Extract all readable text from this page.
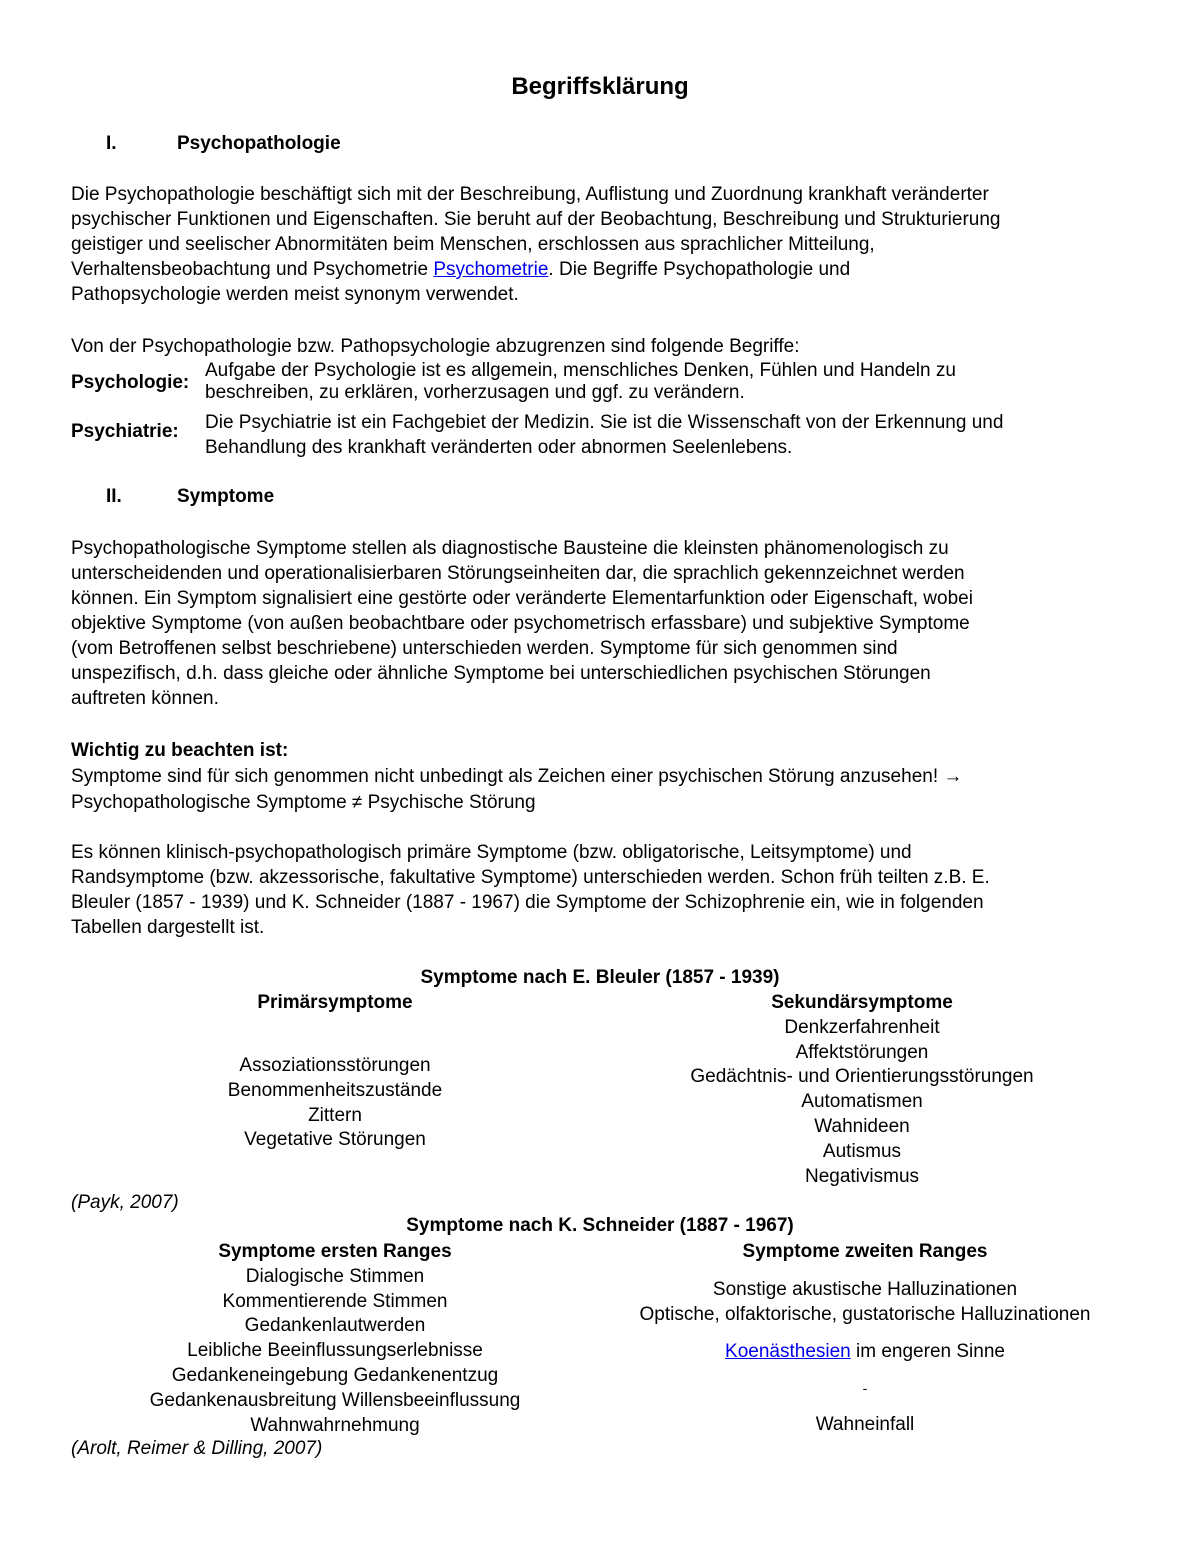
Begriffsklärung
I.	Psychopathologie
Die Psychopathologie beschäftigt sich mit der Beschreibung, Auflistung und Zuordnung krankhaft veränderter
psychischer Funktionen und Eigenschaften. Sie beruht auf der Beobachtung, Beschreibung und Strukturierung
geistiger und seelischer Abnormitäten beim Menschen, erschlossen aus sprachlicher Mitteilung,
Verhaltensbeobachtung und Psychometrie Psychometrie. Die Begriffe Psychopathologie und
Pathopsychologie werden meist synonym verwendet.
Von der Psychopathologie bzw. Pathopsychologie abzugrenzen sind folgende Begriffe:
Psychologie:
Aufgabe der Psychologie ist es allgemein, menschliches Denken, Fühlen und Handeln zu
beschreiben, zu erklären, vorherzusagen und ggf. zu verändern.
Psychiatrie: Die Psychiatrie ist ein Fachgebiet der Medizin. Sie ist die Wissenschaft von der Erkennung und
Behandlung des krankhaft veränderten oder abnormen Seelenlebens.
II.	Symptome
Psychopathologische Symptome stellen als diagnostische Bausteine die kleinsten phänomenologisch zu
unterscheidenden und operationalisierbaren Störungseinheiten dar, die sprachlich gekennzeichnet werden
können. Ein Symptom signalisiert eine gestörte oder veränderte Elementarfunktion oder Eigenschaft, wobei
objektive Symptome (von außen beobachtbare oder psychometrisch erfassbare) und subjektive Symptome
(vom Betroffenen selbst beschriebene) unterschieden werden. Symptome für sich genommen sind
unspezifisch, d.h. dass gleiche oder ähnliche Symptome bei unterschiedlichen psychischen Störungen
auftreten können.
Wichtig zu beachten ist:
Symptome sind für sich genommen nicht unbedingt als Zeichen einer psychischen Störung anzusehen! →
Psychopathologische Symptome ≠ Psychische Störung
Es können klinisch-psychopathologisch primäre Symptome (bzw. obligatorische, Leitsymptome) und
Randsymptome (bzw. akzessorische, fakultative Symptome) unterschieden werden. Schon früh teilten z.B. E.
Bleuler (1857 - 1939) und K. Schneider (1887 - 1967) die Symptome der Schizophrenie ein, wie in folgenden
Tabellen dargestellt ist.
Symptome nach E. Bleuler (1857 - 1939)
Primärsymptome
Assoziationsstörungen
Benommenheitszustände
Zittern
Vegetative Störungen
Sekundärsymptome
Denkzerfahrenheit
Affektstörungen
Gedächtnis- und Orientierungsstörungen
Automatismen
Wahnideen
Autismus
Negativismus
(Payk, 2007)
Symptome nach K. Schneider (1887 - 1967)
Symptome ersten Ranges
Dialogische Stimmen
Kommentierende Stimmen
Gedankenlautwerden
Leibliche Beeinflussungserlebnisse
Gedankeneingebung Gedankenentzug
Gedankenausbreitung Willensbeeinflussung
Wahnwahrnehmung
Symptome zweiten Ranges
Sonstige akustische Halluzinationen
Optische, olfaktorische, gustatorische Halluzinationen
Koenästhesien im engeren Sinne
-
Wahneinfall
(Arolt, Reimer & Dilling, 2007)
